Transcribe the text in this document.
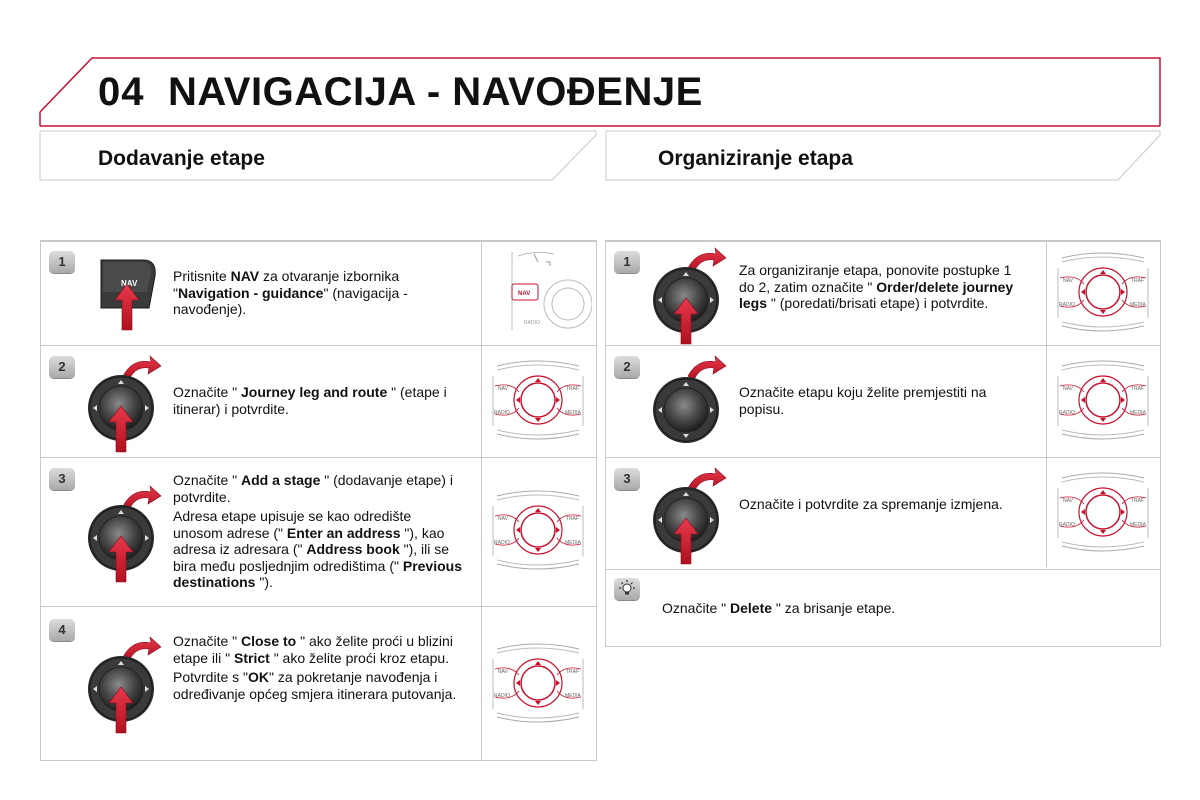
04 NAVIGACIJA - NAVOĐENJE
Dodavanje etape	Organiziranje etapa
1
NAV	Pritisnite NAV za otvaranje izbornika "Navigation - guidance" (navigacija - navođenje).
NAV
RADIO
2
Označite " Journey leg and route " (etape i itinerar) i potvrdite.
NAV	TRAF
RADIO	MEDIA
3	Označite " Add a stage " (dodavanje etape) i potvrdite.

Adresa etape upisuje se kao odredište unosom adrese (" Enter an address "), kao adresa iz adresara (" Address book "), ili se bira među posljednjim odredištima (" Previous destinations ").

NAV	TRAF
RADIO	MEDIA
4

Označite " Close to " ako želite proći u blizini etape ili " Strict " ako želite proći kroz etapu.

Potvrdite s "OK" za pokretanje navođenja i određivanje općeg smjera itinerara putovanja.

NAV	TRAF
RADIO	MEDIA
1
Za organiziranje etapa, ponovite postupke 1 do 2, zatim označite " Order/delete journey legs " (poredati/brisati etape) i potvrdite.
NAV	TRAF
RADIO	MEDIA
2
Označite etapu koju želite premjestiti na popisu.
NAV	TRAF
RADIO	MEDIA
3
Označite i potvrdite za spremanje izmjena.	NAV	TRAF
RADIO	MEDIA
Označite " Delete " za brisanje etape.
